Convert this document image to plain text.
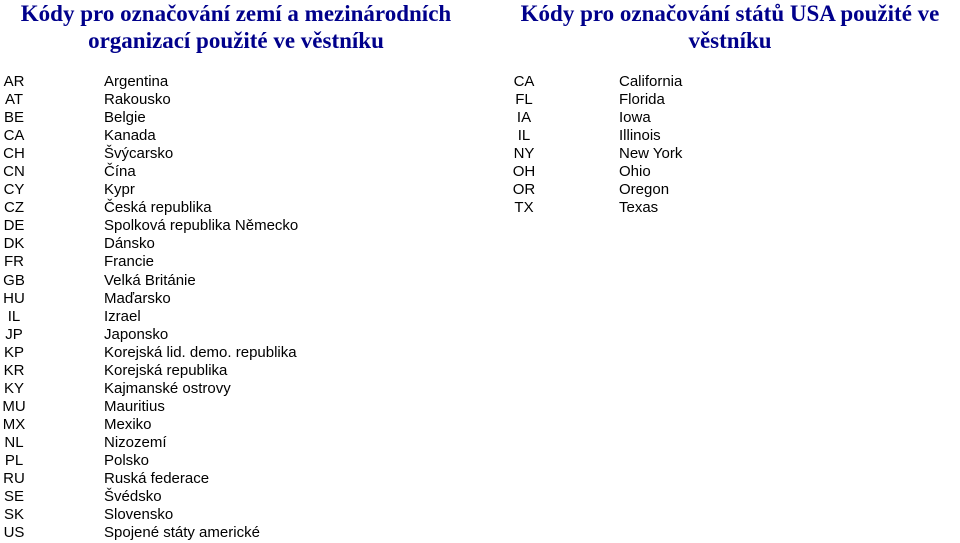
Kódy pro označování zemí a mezinárodních organizací použité ve věstníku
Kódy pro označování států USA použité ve věstníku
AR	Argentina
AT	Rakousko
BE	Belgie
CA	Kanada
CH	Švýcarsko
CN	Čína
CY	Kypr
CZ	Česká republika
DE	Spolková republika Německo
DK	Dánsko
FR	Francie
GB	Velká Británie
HU	Maďarsko
IL	Izrael
JP	Japonsko
KP	Korejská lid. demo. republika
KR	Korejská republika
KY	Kajmanské ostrovy
MU	Mauritius
MX	Mexiko
NL	Nizozemí
PL	Polsko
RU	Ruská federace
SE	Švédsko
SK	Slovensko
US	Spojené státy americké
CA	California
FL	Florida
IA	Iowa
IL	Illinois
NY	New York
OH	Ohio
OR	Oregon
TX	Texas
